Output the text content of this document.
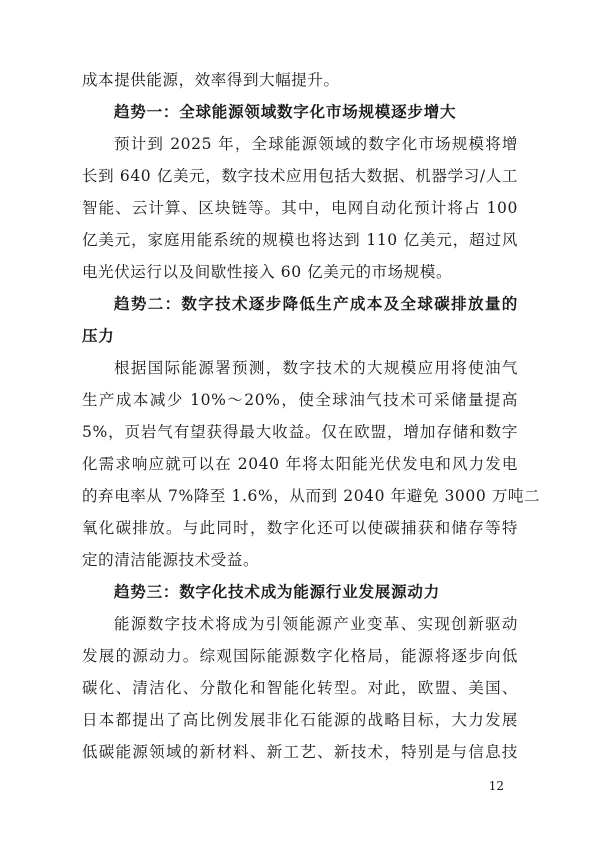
成本提供能源，效率得到大幅提升。
趋势一：全球能源领域数字化市场规模逐步增大
预计到 2025 年，全球能源领域的数字化市场规模将增
长到 640 亿美元，数字技术应用包括大数据、机器学习/人工
智能、云计算、区块链等。其中，电网自动化预计将占 100
亿美元，家庭用能系统的规模也将达到 110 亿美元，超过风
电光伏运行以及间歇性接入 60 亿美元的市场规模。
趋势二：数字技术逐步降低生产成本及全球碳排放量的
压力
根据国际能源署预测，数字技术的大规模应用将使油气
生产成本减少 10%～20%，使全球油气技术可采储量提高
5%，页岩气有望获得最大收益。仅在欧盟，增加存储和数字
化需求响应就可以在 2040 年将太阳能光伏发电和风力发电
的弃电率从 7%降至 1.6%，从而到 2040 年避免 3000 万吨二
氧化碳排放。与此同时，数字化还可以使碳捕获和储存等特
定的清洁能源技术受益。
趋势三：数字化技术成为能源行业发展源动力
能源数字技术将成为引领能源产业变革、实现创新驱动
发展的源动力。综观国际能源数字化格局，能源将逐步向低
碳化、清洁化、分散化和智能化转型。对此，欧盟、美国、
日本都提出了高比例发展非化石能源的战略目标，大力发展
低碳能源领域的新材料、新工艺、新技术，特别是与信息技
12
